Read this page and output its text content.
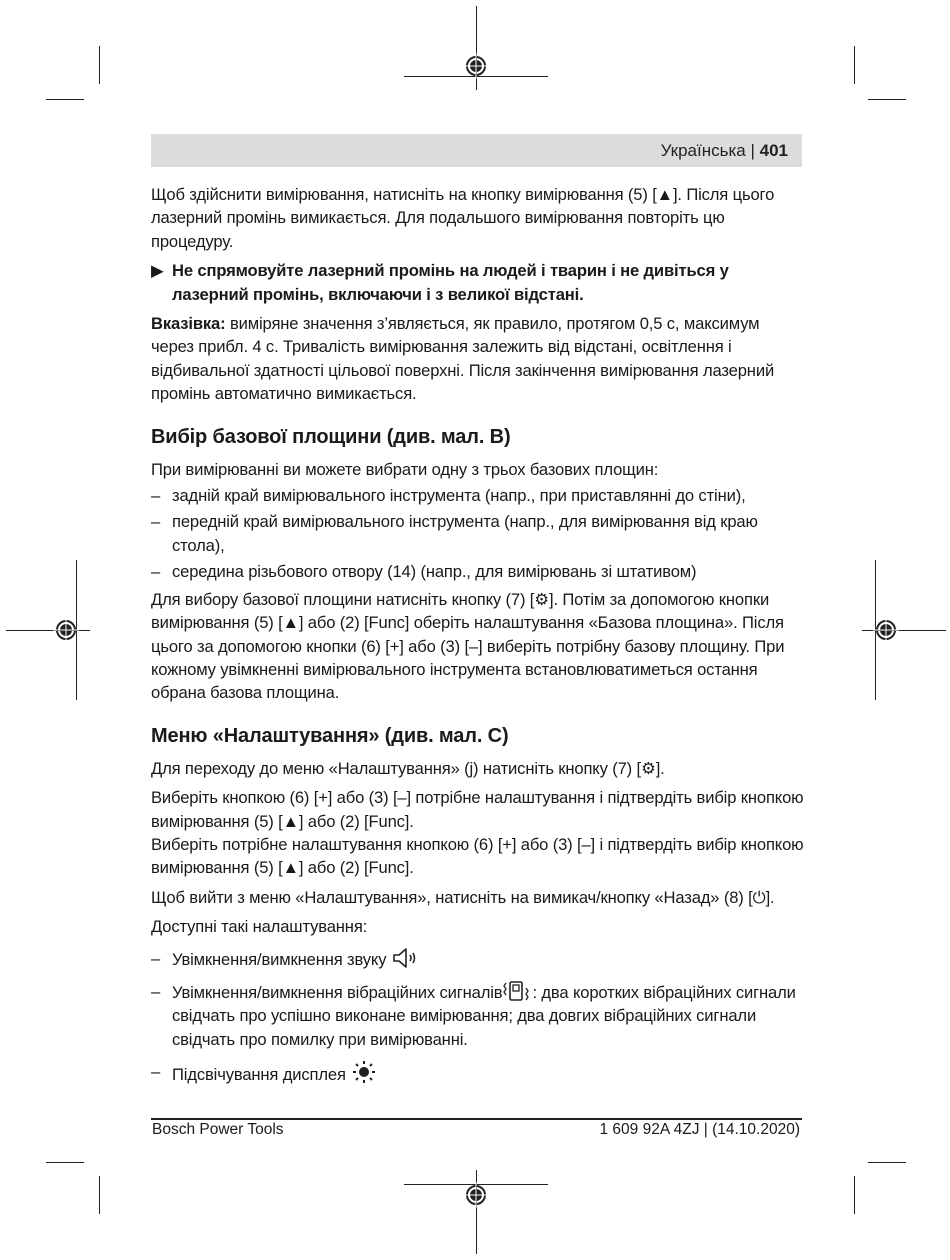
Українська | 401

Щоб здійснити вимірювання, натисніть на кнопку вимірювання (5) [▲]. Після цього лазерний промінь вимикається. Для подальшого вимірювання повторіть цю процедуру.

▶ Не спрямовуйте лазерний промінь на людей і тварин і не дивіться у лазерний промінь, включаючи і з великої відстані.

Вказівка: виміряне значення з’являється, як правило, протягом 0,5 с, максимум через прибл. 4 с. Тривалість вимірювання залежить від відстані, освітлення і відбивальної здатності цільової поверхні. Після закінчення вимірювання лазерний промінь автоматично вимикається.

Вибір базової площини (див. мал. B)

При вимірюванні ви можете вибрати одну з трьох базових площин:

– задній край вимірювального інструмента (напр., при приставлянні до стіни),
– передній край вимірювального інструмента (напр., для вимірювання від краю стола),
– середина різьбового отвору (14) (напр., для вимірювань зі штативом)

Для вибору базової площини натисніть кнопку (7) [⚙]. Потім за допомогою кнопки вимірювання (5) [▲] або (2) [Func] оберіть налаштування «Базова площина». Після цього за допомогою кнопки (6) [+] або (3) [–] виберіть потрібну базову площину. При кожному увімкненні вимірювального інструмента встановлюватиметься остання обрана базова площина.

Меню «Налаштування» (див. мал. C)

Для переходу до меню «Налаштування» (j) натисніть кнопку (7) [⚙].

Виберіть кнопкою (6) [+] або (3) [–] потрібне налаштування і підтвердіть вибір кнопкою вимірювання (5) [▲] або (2) [Func].

Виберіть потрібне налаштування кнопкою (6) [+] або (3) [–] і підтвердіть вибір кнопкою вимірювання (5) [▲] або (2) [Func].

Щоб вийти з меню «Налаштування», натисніть на вимикач/кнопку «Назад» (8) [⏻].

Доступні такі налаштування:

– Увімкнення/вимкнення звуку
– Увімкнення/вимкнення вібраційних сигналів : два коротких вібраційних сигнали свідчать про успішно виконане вимірювання; два довгих вібраційних сигнали свідчать про помилку при вимірюванні.
– Підсвічування дисплея
Bosch Power Tools	1 609 92A 4ZJ | (14.10.2020)
